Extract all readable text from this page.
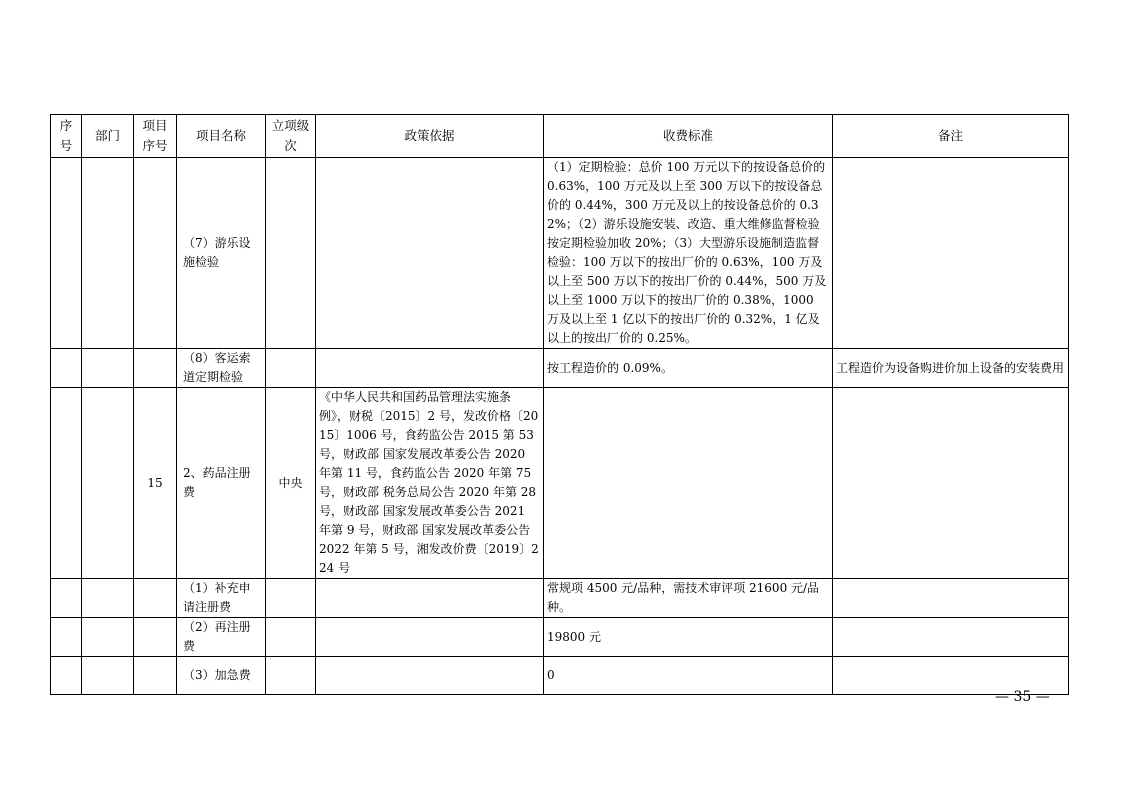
序号	部门	项目序号	项目名称	立项级次	政策依据	收费标准	备注
			（7）游乐设施检验			（1）定期检验：总价 100 万元以下的按设备总价的 0.63%，100 万元及以上至 300 万以下的按设备总价的 0.44%，300 万元及以上的按设备总价的 0.32%；（2）游乐设施安装、改造、重大维修监督检验按定期检验加收 20%；（3）大型游乐设施制造监督检验：100 万以下的按出厂价的 0.63%，100 万及以上至 500 万以下的按出厂价的 0.44%，500 万及以上至 1000 万以下的按出厂价的 0.38%，1000 万及以上至 1 亿以下的按出厂价的 0.32%，1 亿及以上的按出厂价的 0.25%。	
			（8）客运索道定期检验			按工程造价的 0.09%。	工程造价为设备购进价加上设备的安装费用
		15	2、药品注册费	中央	《中华人民共和国药品管理法实施条例》，财税〔2015〕2 号，发改价格〔2015〕1006 号，食药监公告 2015 第 53 号，财政部 国家发展改革委公告 2020 年第 11 号，食药监公告 2020 年第 75 号，财政部 税务总局公告 2020 年第 28 号，财政部 国家发展改革委公告 2021 年第 9 号，财政部 国家发展改革委公告 2022 年第 5 号，湘发改价费〔2019〕224 号		
			（1）补充申请注册费			常规项 4500 元/品种，需技术审评项 21600 元/品种。	
			（2）再注册费			19800 元	
			（3）加急费			0	
— 35 —
